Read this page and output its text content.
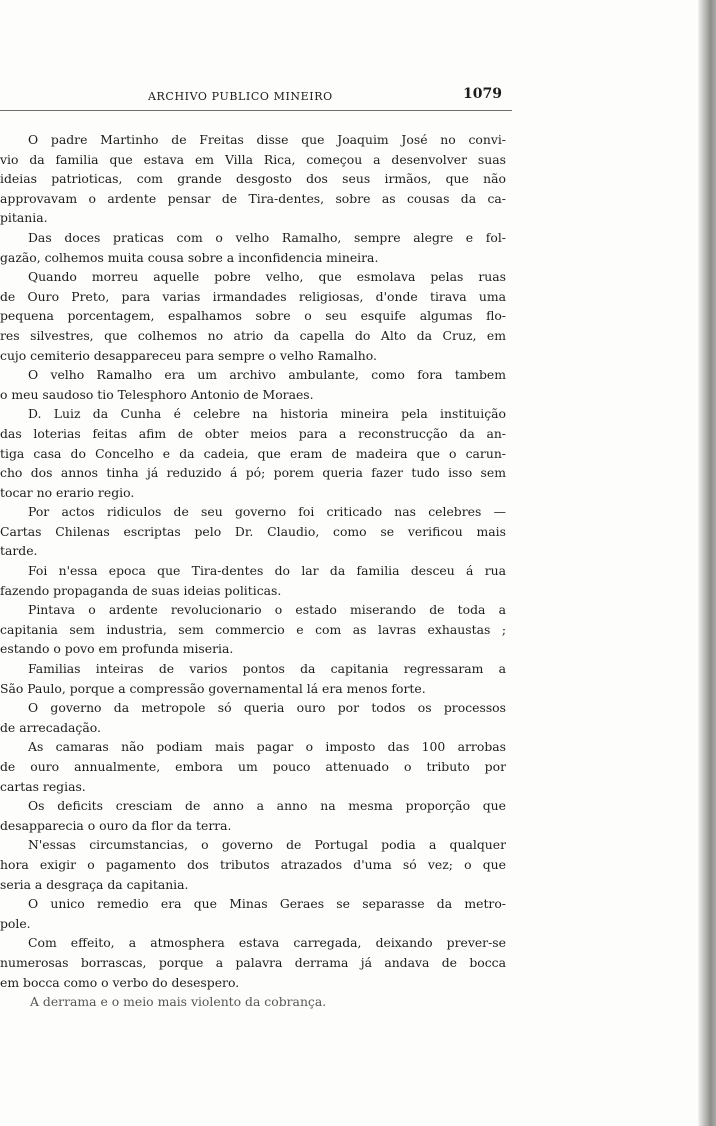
ARCHIVO PUBLICO MINEIRO	1079
O padre Martinho de Freitas disse que Joaquim José no convi-
vio da familia que estava em Villa Rica, começou a desenvolver suas
ideias patrioticas, com grande desgosto dos seus irmãos, que não
approvavam o ardente pensar de Tira-dentes, sobre as cousas da ca-
pitania.
Das doces praticas com o velho Ramalho, sempre alegre e fol-
gazão, colhemos muita cousa sobre a inconfidencia mineira.
Quando morreu aquelle pobre velho, que esmolava pelas ruas
de Ouro Preto, para varias irmandades religiosas, d'onde tirava uma
pequena porcentagem, espalhamos sobre o seu esquife algumas flo-
res silvestres, que colhemos no atrio da capella do Alto da Cruz, em
cujo cemiterio desappareceu para sempre o velho Ramalho.
O velho Ramalho era um archivo ambulante, como fora tambem
o meu saudoso tio Telesphoro Antonio de Moraes.
D. Luiz da Cunha é celebre na historia mineira pela instituição
das loterias feitas afim de obter meios para a reconstrucção da an-
tiga casa do Concelho e da cadeia, que eram de madeira que o carun-
cho dos annos tinha já reduzido á pó; porem queria fazer tudo isso sem
tocar no erario regio.
Por actos ridiculos de seu governo foi criticado nas celebres —
Cartas Chilenas escriptas pelo Dr. Claudio, como se verificou mais
tarde.
Foi n'essa epoca que Tira-dentes do lar da familia desceu á rua
fazendo propaganda de suas ideias politicas.
Pintava o ardente revolucionario o estado miserando de toda a
capitania sem industria, sem commercio e com as lavras exhaustas ;
estando o povo em profunda miseria.
Familias inteiras de varios pontos da capitania regressaram a
São Paulo, porque a compressão governamental lá era menos forte.
O governo da metropole só queria ouro por todos os processos
de arrecadação.
As camaras não podiam mais pagar o imposto das 100 arrobas
de ouro annualmente, embora um pouco attenuado o tributo por
cartas regias.
Os deficits cresciam de anno a anno na mesma proporção que
desapparecia o ouro da flor da terra.
N'essas circumstancias, o governo de Portugal podia a qualquer
hora exigir o pagamento dos tributos atrazados d'uma só vez; o que
seria a desgraça da capitania.
O unico remedio era que Minas Geraes se separasse da metro-
pole.
Com effeito, a atmosphera estava carregada, deixando prever-se
numerosas borrascas, porque a palavra derrama já andava de bocca
em bocca como o verbo do desespero.
A derrama e o meio mais violento da cobrança.
